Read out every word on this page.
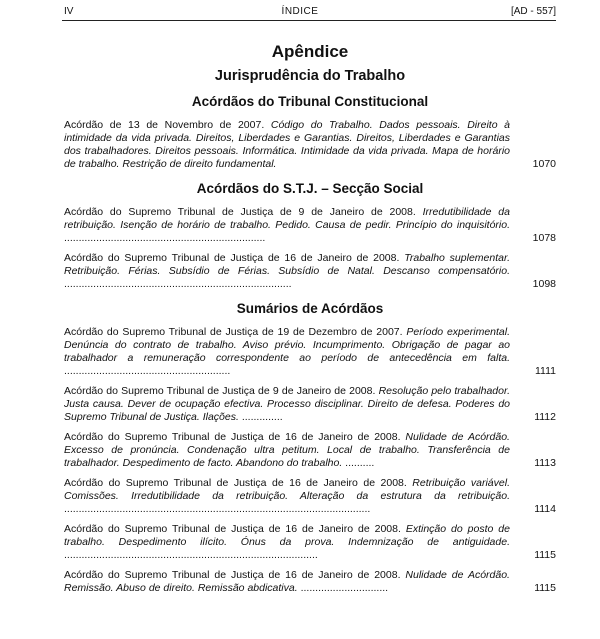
IV	ÍNDICE	[AD - 557]
Apêndice
Jurisprudência do Trabalho
Acórdãos do Tribunal Constitucional
Acórdão de 13 de Novembro de 2007. Código do Trabalho. Dados pessoais. Direito à intimidade da vida privada. Direitos, Liberdades e Garantias. Direitos, Liberdades e Garantias dos trabalhadores. Direitos pessoais. Informática. Intimidade da vida privada. Mapa de horário de trabalho. Restrição de direito fundamental.	1070
Acórdãos do S.T.J. – Secção Social
Acórdão do Supremo Tribunal de Justiça de 9 de Janeiro de 2008. Irredutibilidade da retribuição. Isenção de horário de trabalho. Pedido. Causa de pedir. Princípio do inquisitório. .....................................................................	1078
Acórdão do Supremo Tribunal de Justiça de 16 de Janeiro de 2008. Trabalho suplementar. Retribuição. Férias. Subsídio de Férias. Subsídio de Natal. Descanso compensatório. ..............................................................................	1098
Sumários de Acórdãos
Acórdão do Supremo Tribunal de Justiça de 19 de Dezembro de 2007. Período experimental. Denúncia do contrato de trabalho. Aviso prévio. Incumprimento. Obrigação de pagar ao trabalhador a remuneração correspondente ao período de antecedência em falta. .........................................................	1111
Acórdão do Supremo Tribunal de Justiça de 9 de Janeiro de 2008. Resolução pelo trabalhador. Justa causa. Dever de ocupação efectiva. Processo disciplinar. Direito de defesa. Poderes do Supremo Tribunal de Justiça. Ilações. ..............	1112
Acórdão do Supremo Tribunal de Justiça de 16 de Janeiro de 2008. Nulidade de Acórdão. Excesso de pronúncia. Condenação ultra petitum. Local de trabalho. Transferência de trabalhador. Despedimento de facto. Abandono do trabalho. ..........	1113
Acórdão do Supremo Tribunal de Justiça de 16 de Janeiro de 2008. Retribuição variável. Comissões. Irredutibilidade da retribuição. Alteração da estrutura da retribuição. .........................................................................................................	1114
Acórdão do Supremo Tribunal de Justiça de 16 de Janeiro de 2008. Extinção do posto de trabalho. Despedimento ilícito. Ónus da prova. Indemnização de antiguidade. .......................................................................................	1115
Acórdão do Supremo Tribunal de Justiça de 16 de Janeiro de 2008. Nulidade de Acórdão. Remissão. Abuso de direito. Remissão abdicativa. ..............................	1115
